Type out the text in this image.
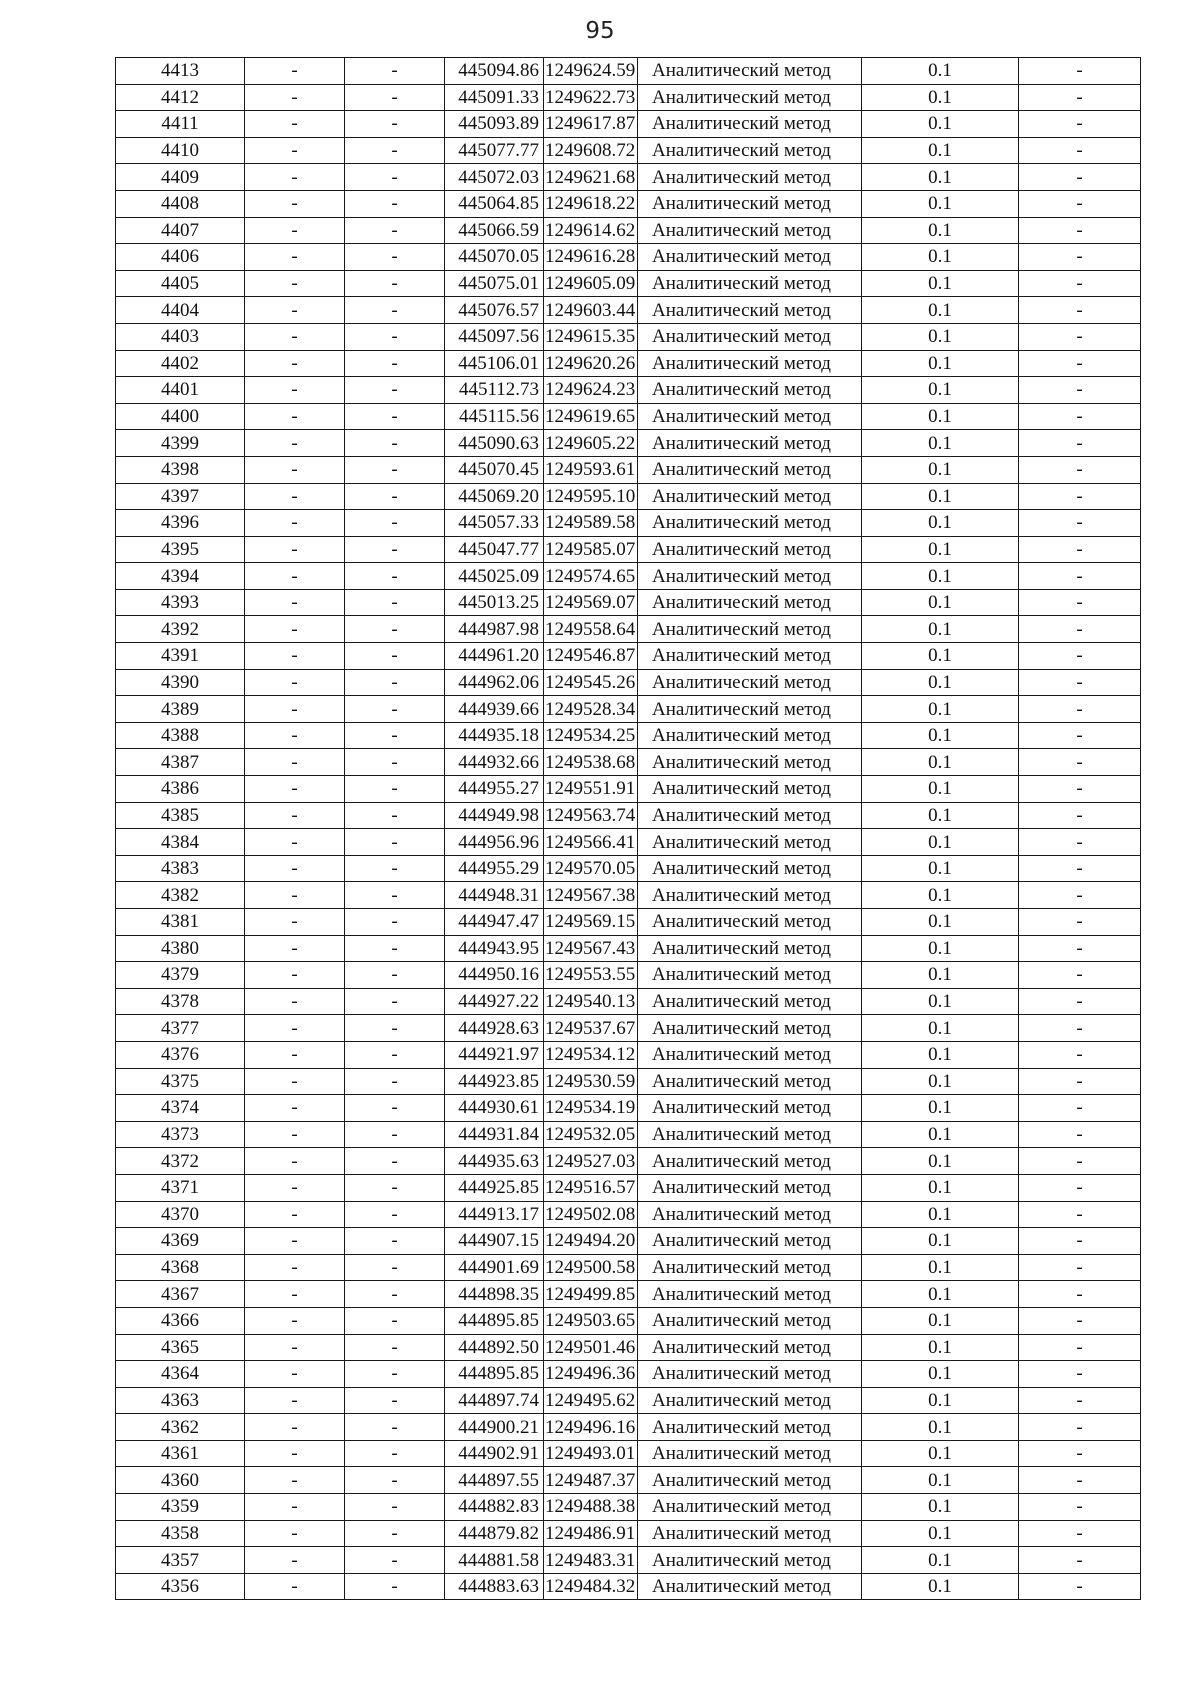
95
4413	-	-	445094.86	1249624.59	Аналитический метод	0.1	-
4412	-	-	445091.33	1249622.73	Аналитический метод	0.1	-
4411	-	-	445093.89	1249617.87	Аналитический метод	0.1	-
4410	-	-	445077.77	1249608.72	Аналитический метод	0.1	-
4409	-	-	445072.03	1249621.68	Аналитический метод	0.1	-
4408	-	-	445064.85	1249618.22	Аналитический метод	0.1	-
4407	-	-	445066.59	1249614.62	Аналитический метод	0.1	-
4406	-	-	445070.05	1249616.28	Аналитический метод	0.1	-
4405	-	-	445075.01	1249605.09	Аналитический метод	0.1	-
4404	-	-	445076.57	1249603.44	Аналитический метод	0.1	-
4403	-	-	445097.56	1249615.35	Аналитический метод	0.1	-
4402	-	-	445106.01	1249620.26	Аналитический метод	0.1	-
4401	-	-	445112.73	1249624.23	Аналитический метод	0.1	-
4400	-	-	445115.56	1249619.65	Аналитический метод	0.1	-
4399	-	-	445090.63	1249605.22	Аналитический метод	0.1	-
4398	-	-	445070.45	1249593.61	Аналитический метод	0.1	-
4397	-	-	445069.20	1249595.10	Аналитический метод	0.1	-
4396	-	-	445057.33	1249589.58	Аналитический метод	0.1	-
4395	-	-	445047.77	1249585.07	Аналитический метод	0.1	-
4394	-	-	445025.09	1249574.65	Аналитический метод	0.1	-
4393	-	-	445013.25	1249569.07	Аналитический метод	0.1	-
4392	-	-	444987.98	1249558.64	Аналитический метод	0.1	-
4391	-	-	444961.20	1249546.87	Аналитический метод	0.1	-
4390	-	-	444962.06	1249545.26	Аналитический метод	0.1	-
4389	-	-	444939.66	1249528.34	Аналитический метод	0.1	-
4388	-	-	444935.18	1249534.25	Аналитический метод	0.1	-
4387	-	-	444932.66	1249538.68	Аналитический метод	0.1	-
4386	-	-	444955.27	1249551.91	Аналитический метод	0.1	-
4385	-	-	444949.98	1249563.74	Аналитический метод	0.1	-
4384	-	-	444956.96	1249566.41	Аналитический метод	0.1	-
4383	-	-	444955.29	1249570.05	Аналитический метод	0.1	-
4382	-	-	444948.31	1249567.38	Аналитический метод	0.1	-
4381	-	-	444947.47	1249569.15	Аналитический метод	0.1	-
4380	-	-	444943.95	1249567.43	Аналитический метод	0.1	-
4379	-	-	444950.16	1249553.55	Аналитический метод	0.1	-
4378	-	-	444927.22	1249540.13	Аналитический метод	0.1	-
4377	-	-	444928.63	1249537.67	Аналитический метод	0.1	-
4376	-	-	444921.97	1249534.12	Аналитический метод	0.1	-
4375	-	-	444923.85	1249530.59	Аналитический метод	0.1	-
4374	-	-	444930.61	1249534.19	Аналитический метод	0.1	-
4373	-	-	444931.84	1249532.05	Аналитический метод	0.1	-
4372	-	-	444935.63	1249527.03	Аналитический метод	0.1	-
4371	-	-	444925.85	1249516.57	Аналитический метод	0.1	-
4370	-	-	444913.17	1249502.08	Аналитический метод	0.1	-
4369	-	-	444907.15	1249494.20	Аналитический метод	0.1	-
4368	-	-	444901.69	1249500.58	Аналитический метод	0.1	-
4367	-	-	444898.35	1249499.85	Аналитический метод	0.1	-
4366	-	-	444895.85	1249503.65	Аналитический метод	0.1	-
4365	-	-	444892.50	1249501.46	Аналитический метод	0.1	-
4364	-	-	444895.85	1249496.36	Аналитический метод	0.1	-
4363	-	-	444897.74	1249495.62	Аналитический метод	0.1	-
4362	-	-	444900.21	1249496.16	Аналитический метод	0.1	-
4361	-	-	444902.91	1249493.01	Аналитический метод	0.1	-
4360	-	-	444897.55	1249487.37	Аналитический метод	0.1	-
4359	-	-	444882.83	1249488.38	Аналитический метод	0.1	-
4358	-	-	444879.82	1249486.91	Аналитический метод	0.1	-
4357	-	-	444881.58	1249483.31	Аналитический метод	0.1	-
4356	-	-	444883.63	1249484.32	Аналитический метод	0.1	-
